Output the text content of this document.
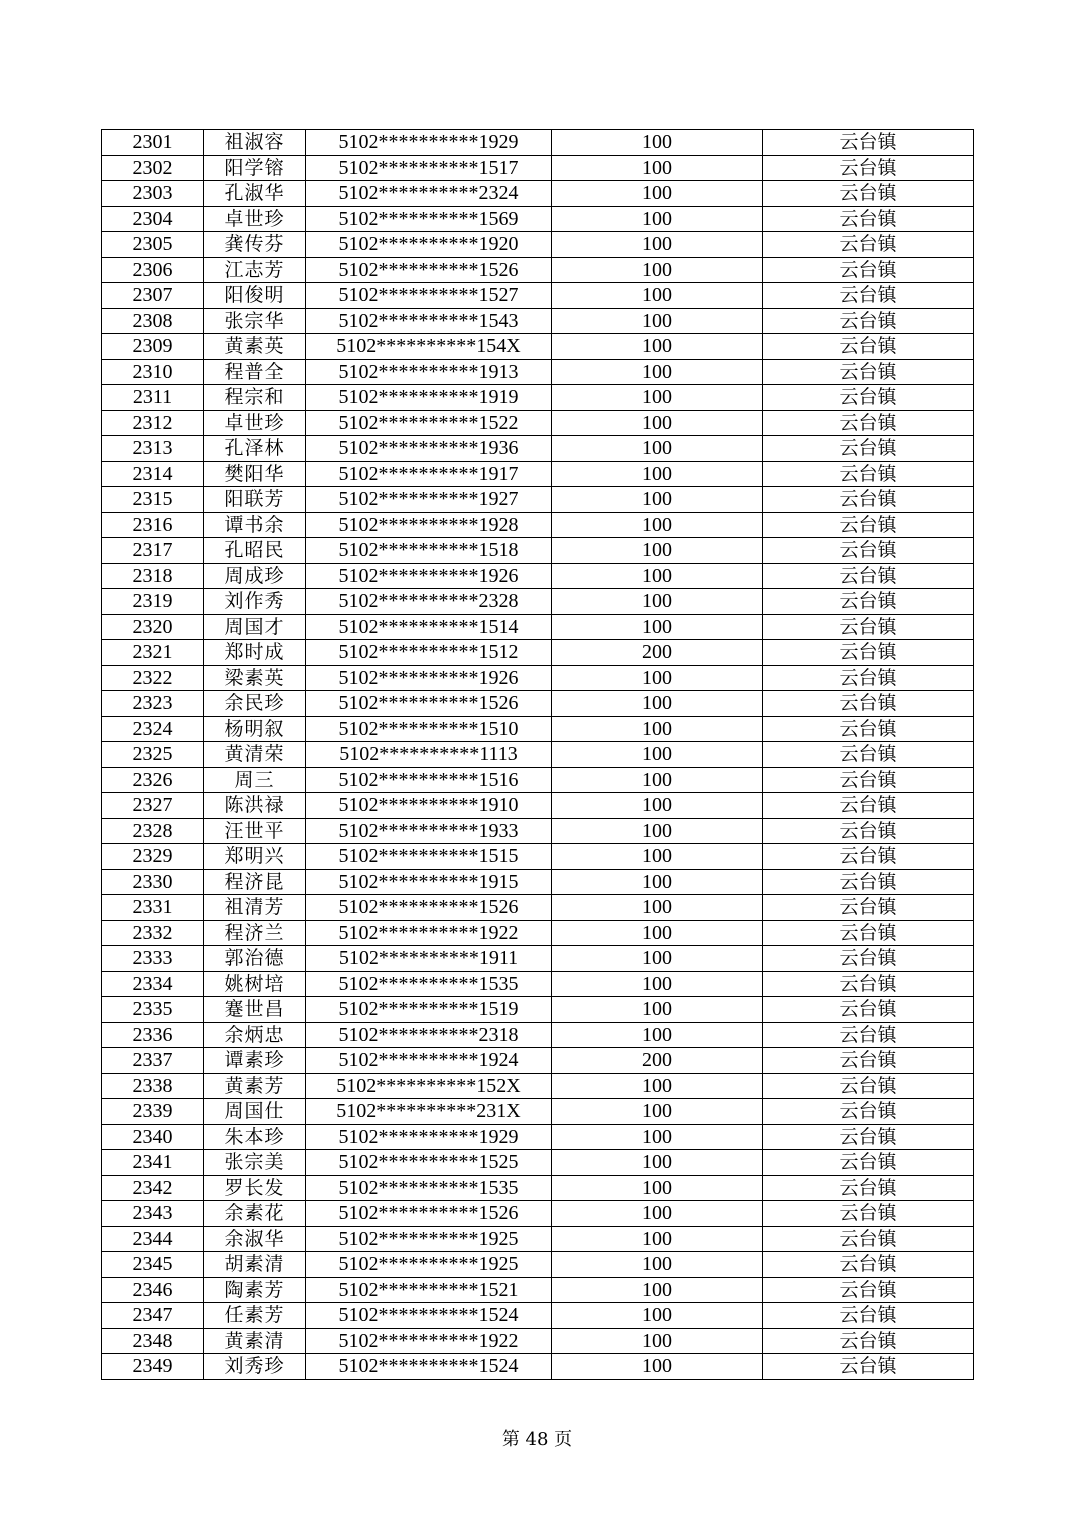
2301	祖淑容	5102**********1929	100	云台镇
2302	阳学镕	5102**********1517	100	云台镇
2303	孔淑华	5102**********2324	100	云台镇
2304	卓世珍	5102**********1569	100	云台镇
2305	龚传芬	5102**********1920	100	云台镇
2306	江志芳	5102**********1526	100	云台镇
2307	阳俊明	5102**********1527	100	云台镇
2308	张宗华	5102**********1543	100	云台镇
2309	黄素英	5102**********154X	100	云台镇
2310	程普全	5102**********1913	100	云台镇
2311	程宗和	5102**********1919	100	云台镇
2312	卓世珍	5102**********1522	100	云台镇
2313	孔泽林	5102**********1936	100	云台镇
2314	樊阳华	5102**********1917	100	云台镇
2315	阳联芳	5102**********1927	100	云台镇
2316	谭书余	5102**********1928	100	云台镇
2317	孔昭民	5102**********1518	100	云台镇
2318	周成珍	5102**********1926	100	云台镇
2319	刘作秀	5102**********2328	100	云台镇
2320	周国才	5102**********1514	100	云台镇
2321	郑时成	5102**********1512	200	云台镇
2322	梁素英	5102**********1926	100	云台镇
2323	余民珍	5102**********1526	100	云台镇
2324	杨明叙	5102**********1510	100	云台镇
2325	黄清荣	5102**********1113	100	云台镇
2326	周三	5102**********1516	100	云台镇
2327	陈洪禄	5102**********1910	100	云台镇
2328	汪世平	5102**********1933	100	云台镇
2329	郑明兴	5102**********1515	100	云台镇
2330	程济昆	5102**********1915	100	云台镇
2331	祖清芳	5102**********1526	100	云台镇
2332	程济兰	5102**********1922	100	云台镇
2333	郭治德	5102**********1911	100	云台镇
2334	姚树培	5102**********1535	100	云台镇
2335	蹇世昌	5102**********1519	100	云台镇
2336	余炳忠	5102**********2318	100	云台镇
2337	谭素珍	5102**********1924	200	云台镇
2338	黄素芳	5102**********152X	100	云台镇
2339	周国仕	5102**********231X	100	云台镇
2340	朱本珍	5102**********1929	100	云台镇
2341	张宗美	5102**********1525	100	云台镇
2342	罗长发	5102**********1535	100	云台镇
2343	余素花	5102**********1526	100	云台镇
2344	余淑华	5102**********1925	100	云台镇
2345	胡素清	5102**********1925	100	云台镇
2346	陶素芳	5102**********1521	100	云台镇
2347	任素芳	5102**********1524	100	云台镇
2348	黄素清	5102**********1922	100	云台镇
2349	刘秀珍	5102**********1524	100	云台镇
第 48 页
